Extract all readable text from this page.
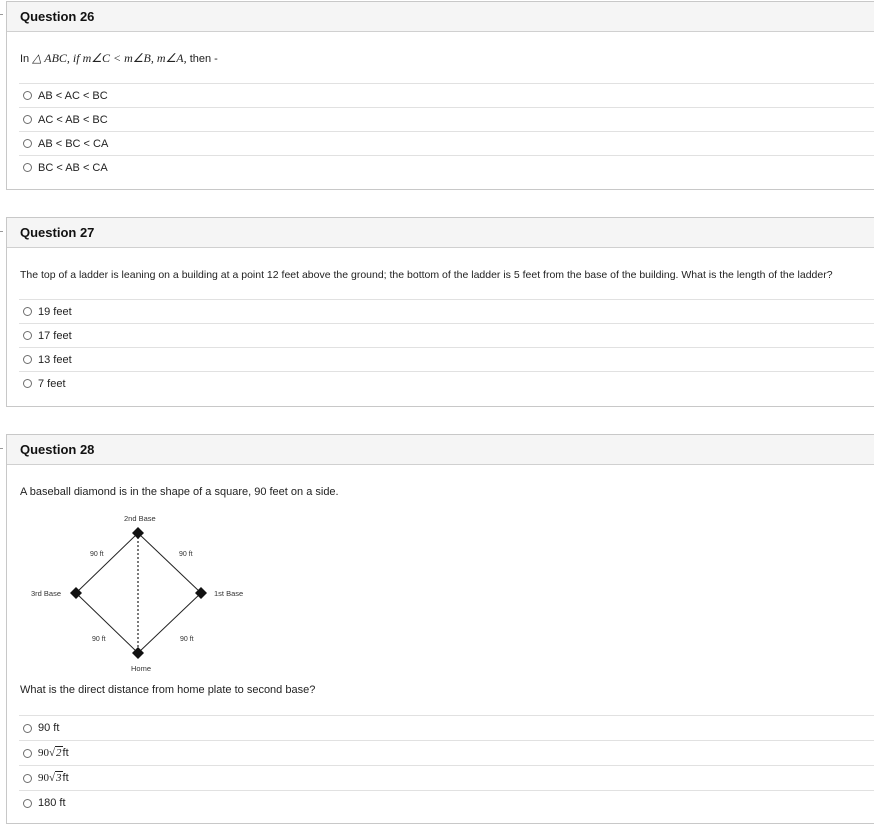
Question 26
In △ ABC, if m∠C < m∠B, m∠A, then -
AB < AC < BC
AC < AB < BC
AB < BC < CA
BC < AB < CA
Question 27
The top of a ladder is leaning on a building at a point 12 feet above the ground; the bottom of the ladder is 5 feet from the base of the building. What is the length of the ladder?
19 feet
17 feet
13 feet
7 feet
Question 28
A baseball diamond is in the shape of a square, 90 feet on a side.
2nd Base
1st Base
3rd Base
Home
90 ft	90 ft
90 ft	90 ft
What is the direct distance from home plate to second base?
90 ft
90√2 ft
90√3 ft
180 ft
